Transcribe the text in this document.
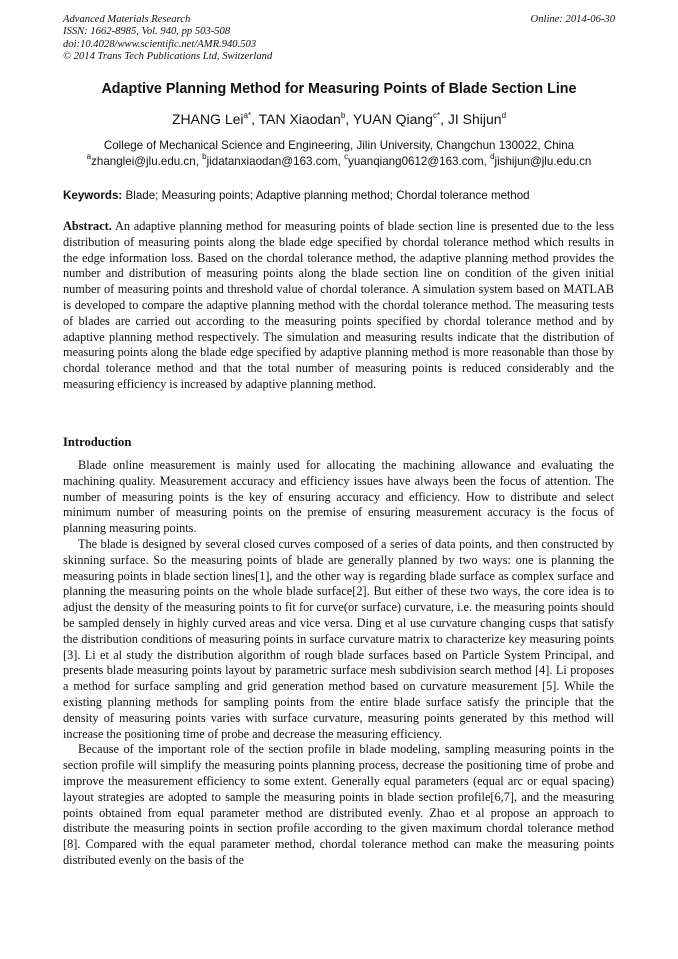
Advanced Materials Research
ISSN: 1662-8985, Vol. 940, pp 503-508
doi:10.4028/www.scientific.net/AMR.940.503
© 2014 Trans Tech Publications Ltd, Switzerland
Online: 2014-06-30
Adaptive Planning Method for Measuring Points of Blade Section Line
ZHANG Lei$^{a*}$, TAN Xiaodan$^b$, YUAN Qiang$^{c*}$, JI Shijun$^d$
College of Mechanical Science and Engineering, Jilin University, Changchun 130022, China
$^a$zhanglei@jlu.edu.cn, $^b$jidatanxiaodan@163.com, $^c$yuanqiang0612@163.com, $^d$jishijun@jlu.edu.cn
Keywords: Blade; Measuring points; Adaptive planning method; Chordal tolerance method

Abstract. An adaptive planning method for measuring points of blade section line is presented due to the less distribution of measuring points along the blade edge specified by chordal tolerance method which results in the edge information loss. Based on the chordal tolerance method, the adaptive planning method provides the number and distribution of measuring points along the blade section line on condition of the given initial number of measuring points and threshold value of chordal tolerance. A simulation system based on MATLAB is developed to compare the adaptive planning method with the chordal tolerance method. The measuring tests of blades are carried out according to the measuring points specified by chordal tolerance method and by adaptive planning method respectively. The simulation and measuring results indicate that the distribution of measuring points along the blade edge specified by adaptive planning method is more reasonable than those by chordal tolerance method and that the total number of measuring points is reduced considerably and the measuring efficiency is increased by adaptive planning method.

Introduction

Blade online measurement is mainly used for allocating the machining allowance and evaluating the machining quality. Measurement accuracy and efficiency issues have always been the focus of attention. The number of measuring points is the key of ensuring accuracy and efficiency. How to distribute and select minimum number of measuring points on the premise of ensuring measurement accuracy is the focus of planning measuring points.

The blade is designed by several closed curves composed of a series of data points, and then constructed by skinning surface. So the measuring points of blade are generally planned by two ways: one is planning the measuring points in blade section lines[1], and the other way is regarding blade surface as complex surface and planning the measuring points on the whole blade surface[2]. But either of these two ways, the core idea is to adjust the density of the measuring points to fit for curve(or surface) curvature, i.e. the measuring points should be sampled densely in highly curved areas and vice versa. Ding et al use curvature changing cusps that satisfy the distribution conditions of measuring points in surface curvature matrix to characterize key measuring points [3]. Li et al study the distribution algorithm of rough blade surfaces based on Particle System Principal, and presents blade measuring points layout by parametric surface mesh subdivision search method [4]. Li proposes a method for surface sampling and grid generation method based on curvature measurement [5]. While the existing planning methods for sampling points from the entire blade surface satisfy the principle that the density of measuring points varies with surface curvature, measuring points generated by this method will increase the positioning time of probe and decrease the measuring efficiency.

Because of the important role of the section profile in blade modeling, sampling measuring points in the section profile will simplify the measuring points planning process, decrease the positioning time of probe and improve the measurement efficiency to some extent. Generally equal parameters (equal arc or equal spacing) layout strategies are adopted to sample the measuring points in blade section profile[6,7], and the measuring points obtained from equal parameter method are distributed evenly. Zhao et al propose an approach to distribute the measuring points in section profile according to the given maximum chordal tolerance method [8]. Compared with the equal parameter method, chordal tolerance method can make the measuring points distributed evenly on the basis of the
